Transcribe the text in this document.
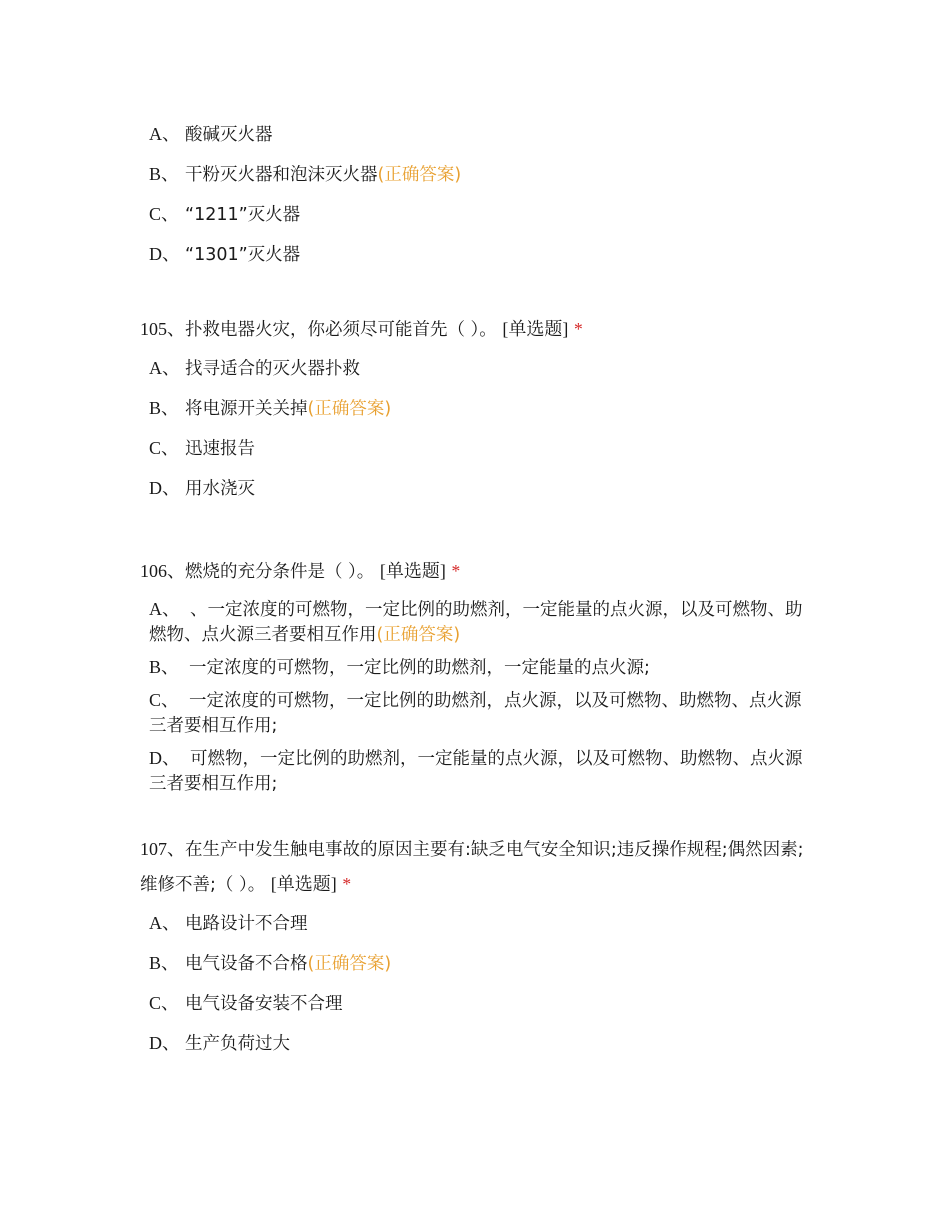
A、 酸碱灭火器
B、 干粉灭火器和泡沫灭火器(正确答案)
C、 “1211”灭火器
D、 “1301”灭火器
105、扑救电器火灾，你必须尽可能首先（ ）。 [单选题] *
A、 找寻适合的灭火器扑救
B、 将电源开关关掉(正确答案)
C、 迅速报告
D、 用水浇灭
106、燃烧的充分条件是（ ）。 [单选题] *
A、 、一定浓度的可燃物，一定比例的助燃剂，一定能量的点火源，以及可燃物、助燃物、点火源三者要相互作用(正确答案)
B、 一定浓度的可燃物，一定比例的助燃剂，一定能量的点火源;
C、 一定浓度的可燃物，一定比例的助燃剂，点火源，以及可燃物、助燃物、点火源三者要相互作用;
D、 可燃物，一定比例的助燃剂，一定能量的点火源，以及可燃物、助燃物、点火源三者要相互作用;
107、在生产中发生触电事故的原因主要有:缺乏电气安全知识;违反操作规程;偶然因素;维修不善;（ ）。 [单选题] *
A、 电路设计不合理
B、 电气设备不合格(正确答案)
C、 电气设备安装不合理
D、 生产负荷过大
